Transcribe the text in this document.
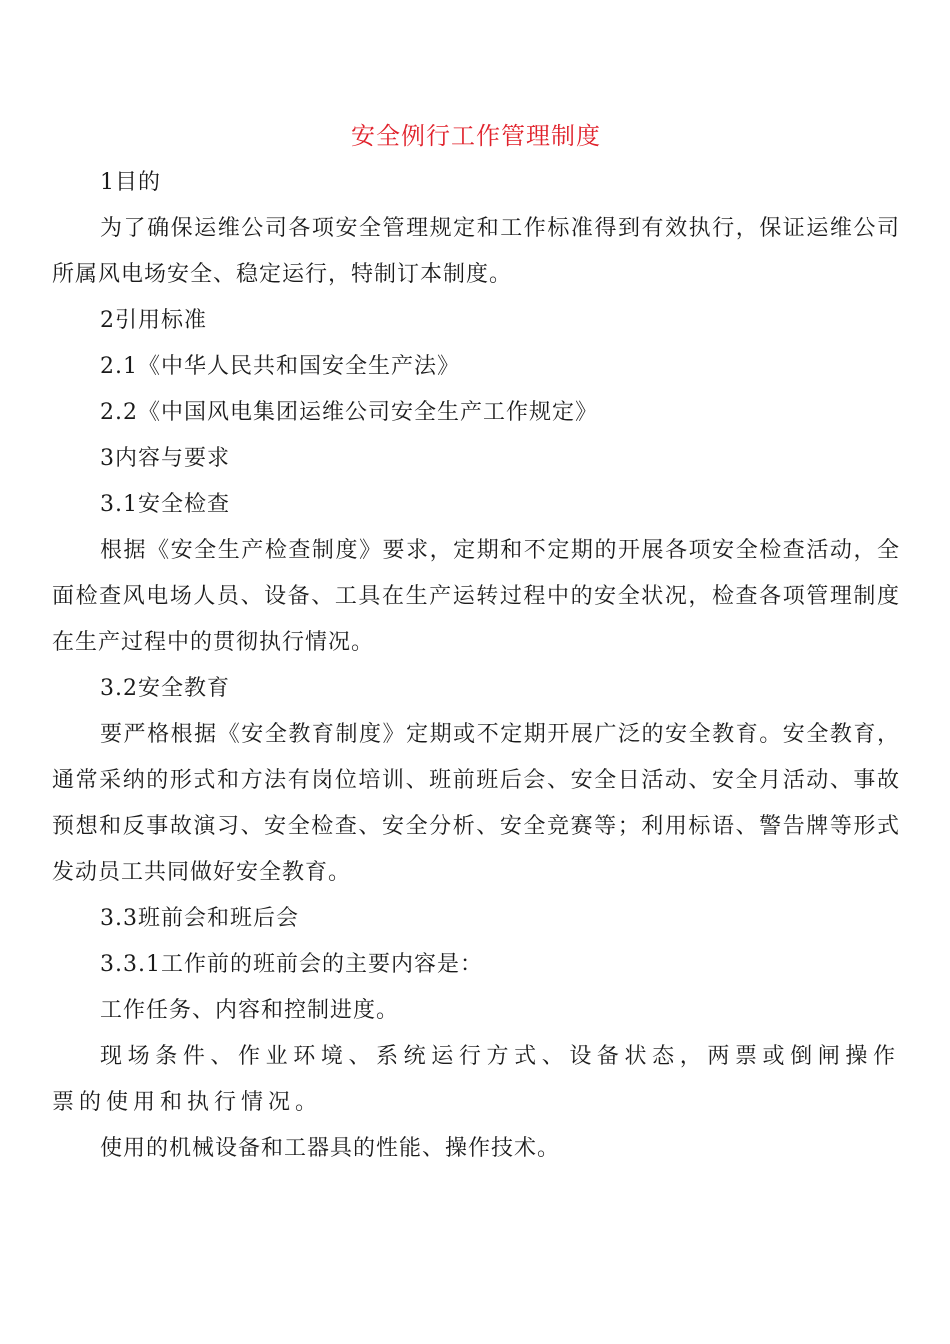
安全例行工作管理制度

1目的

为了确保运维公司各项安全管理规定和工作标准得到有效执行，保证运维公司所属风电场安全、稳定运行，特制订本制度。

2引用标准

2.1《中华人民共和国安全生产法》

2.2《中国风电集团运维公司安全生产工作规定》

3内容与要求

3.1安全检查

根据《安全生产检查制度》要求，定期和不定期的开展各项安全检查活动，全面检查风电场人员、设备、工具在生产运转过程中的安全状况，检查各项管理制度在生产过程中的贯彻执行情况。

3.2安全教育

要严格根据《安全教育制度》定期或不定期开展广泛的安全教育。安全教育，通常采纳的形式和方法有岗位培训、班前班后会、安全日活动、安全月活动、事故预想和反事故演习、安全检查、安全分析、安全竞赛等；利用标语、警告牌等形式发动员工共同做好安全教育。

3.3班前会和班后会

3.3.1工作前的班前会的主要内容是：

工作任务、内容和控制进度。

现场条件、作业环境、系统运行方式、设备状态，两票或倒闸操作票的使用和执行情况。

使用的机械设备和工器具的性能、操作技术。
